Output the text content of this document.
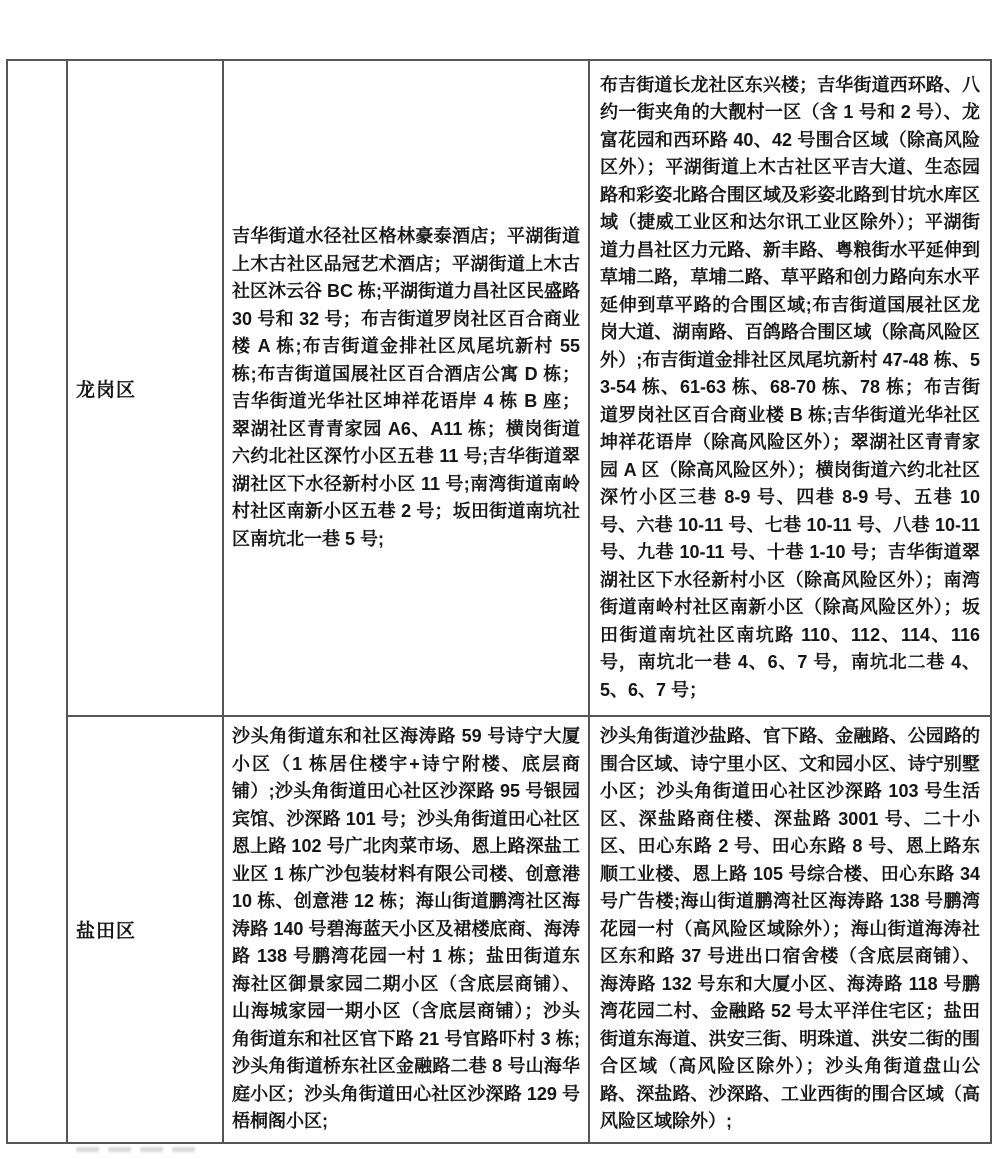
龙岗区

吉华街道水径社区格林豪泰酒店；平湖街道上木古社区品冠艺术酒店；平湖街道上木古社区沐云谷 BC 栋;平湖街道力昌社区民盛路 30 号和 32 号；布吉街道罗岗社区百合商业楼 A 栋;布吉街道金排社区凤尾坑新村 55 栋;布吉街道国展社区百合酒店公寓 D 栋；吉华街道光华社区坤祥花语岸 4 栋 B 座；翠湖社区青青家园 A6、A11 栋；横岗街道六约北社区深竹小区五巷 11 号;吉华街道翠湖社区下水径新村小区 11 号;南湾街道南岭村社区南新小区五巷 2 号；坂田街道南坑社区南坑北一巷 5 号;

布吉街道长龙社区东兴楼；吉华街道西环路、八约一街夹角的大靓村一区（含 1 号和 2 号）、龙富花园和西环路 40、42 号围合区域（除高风险区外）；平湖街道上木古社区平吉大道、生态园路和彩姿北路合围区域及彩姿北路到甘坑水库区域（捷威工业区和达尔讯工业区除外）；平湖街道力昌社区力元路、新丰路、粤粮街水平延伸到草埔二路，草埔二路、草平路和创力路向东水平延伸到草平路的合围区域;布吉街道国展社区龙岗大道、湖南路、百鸽路合围区域（除高风险区外）;布吉街道金排社区凤尾坑新村 47-48 栋、53-54 栋、61-63 栋、68-70 栋、78 栋；布吉街道罗岗社区百合商业楼 B 栋;吉华街道光华社区坤祥花语岸（除高风险区外）；翠湖社区青青家园 A 区（除高风险区外）；横岗街道六约北社区深竹小区三巷 8-9 号、四巷 8-9 号、五巷 10 号、六巷 10-11 号、七巷 10-11 号、八巷 10-11 号、九巷 10-11 号、十巷 1-10 号；吉华街道翠湖社区下水径新村小区（除高风险区外）；南湾街道南岭村社区南新小区（除高风险区外）；坂田街道南坑社区南坑路 110、112、114、116 号，南坑北一巷 4、6、7 号，南坑北二巷 4、5、6、7 号；

盐田区

沙头角街道东和社区海涛路 59 号诗宁大厦小区（1 栋居住楼宇+诗宁附楼、底层商铺）;沙头角街道田心社区沙深路 95 号银园宾馆、沙深路 101 号；沙头角街道田心社区恩上路 102 号广北肉菜市场、恩上路深盐工业区 1 栋广沙包装材料有限公司楼、创意港 10 栋、创意港 12 栋；海山街道鹏湾社区海涛路 140 号碧海蓝天小区及裙楼底商、海涛路 138 号鹏湾花园一村 1 栋；盐田街道东海社区御景家园二期小区（含底层商铺）、山海城家园一期小区（含底层商铺）；沙头角街道东和社区官下路 21 号官路吓村 3 栋;沙头角街道桥东社区金融路二巷 8 号山海华庭小区；沙头角街道田心社区沙深路 129 号梧桐阁小区;

沙头角街道沙盐路、官下路、金融路、公园路的围合区域、诗宁里小区、文和园小区、诗宁别墅小区；沙头角街道田心社区沙深路 103 号生活区、深盐路商住楼、深盐路 3001 号、二十小区、田心东路 2 号、田心东路 8 号、恩上路东顺工业楼、恩上路 105 号综合楼、田心东路 34 号广告楼;海山街道鹏湾社区海涛路 138 号鹏湾花园一村（高风险区域除外）；海山街道海涛社区东和路 37 号进出口宿舍楼（含底层商铺）、海涛路 132 号东和大厦小区、海涛路 118 号鹏湾花园二村、金融路 52 号太平洋住宅区；盐田街道东海道、洪安三街、明珠道、洪安二街的围合区域（高风险区除外）；沙头角街道盘山公路、深盐路、沙深路、工业西街的围合区域（高风险区域除外）;
